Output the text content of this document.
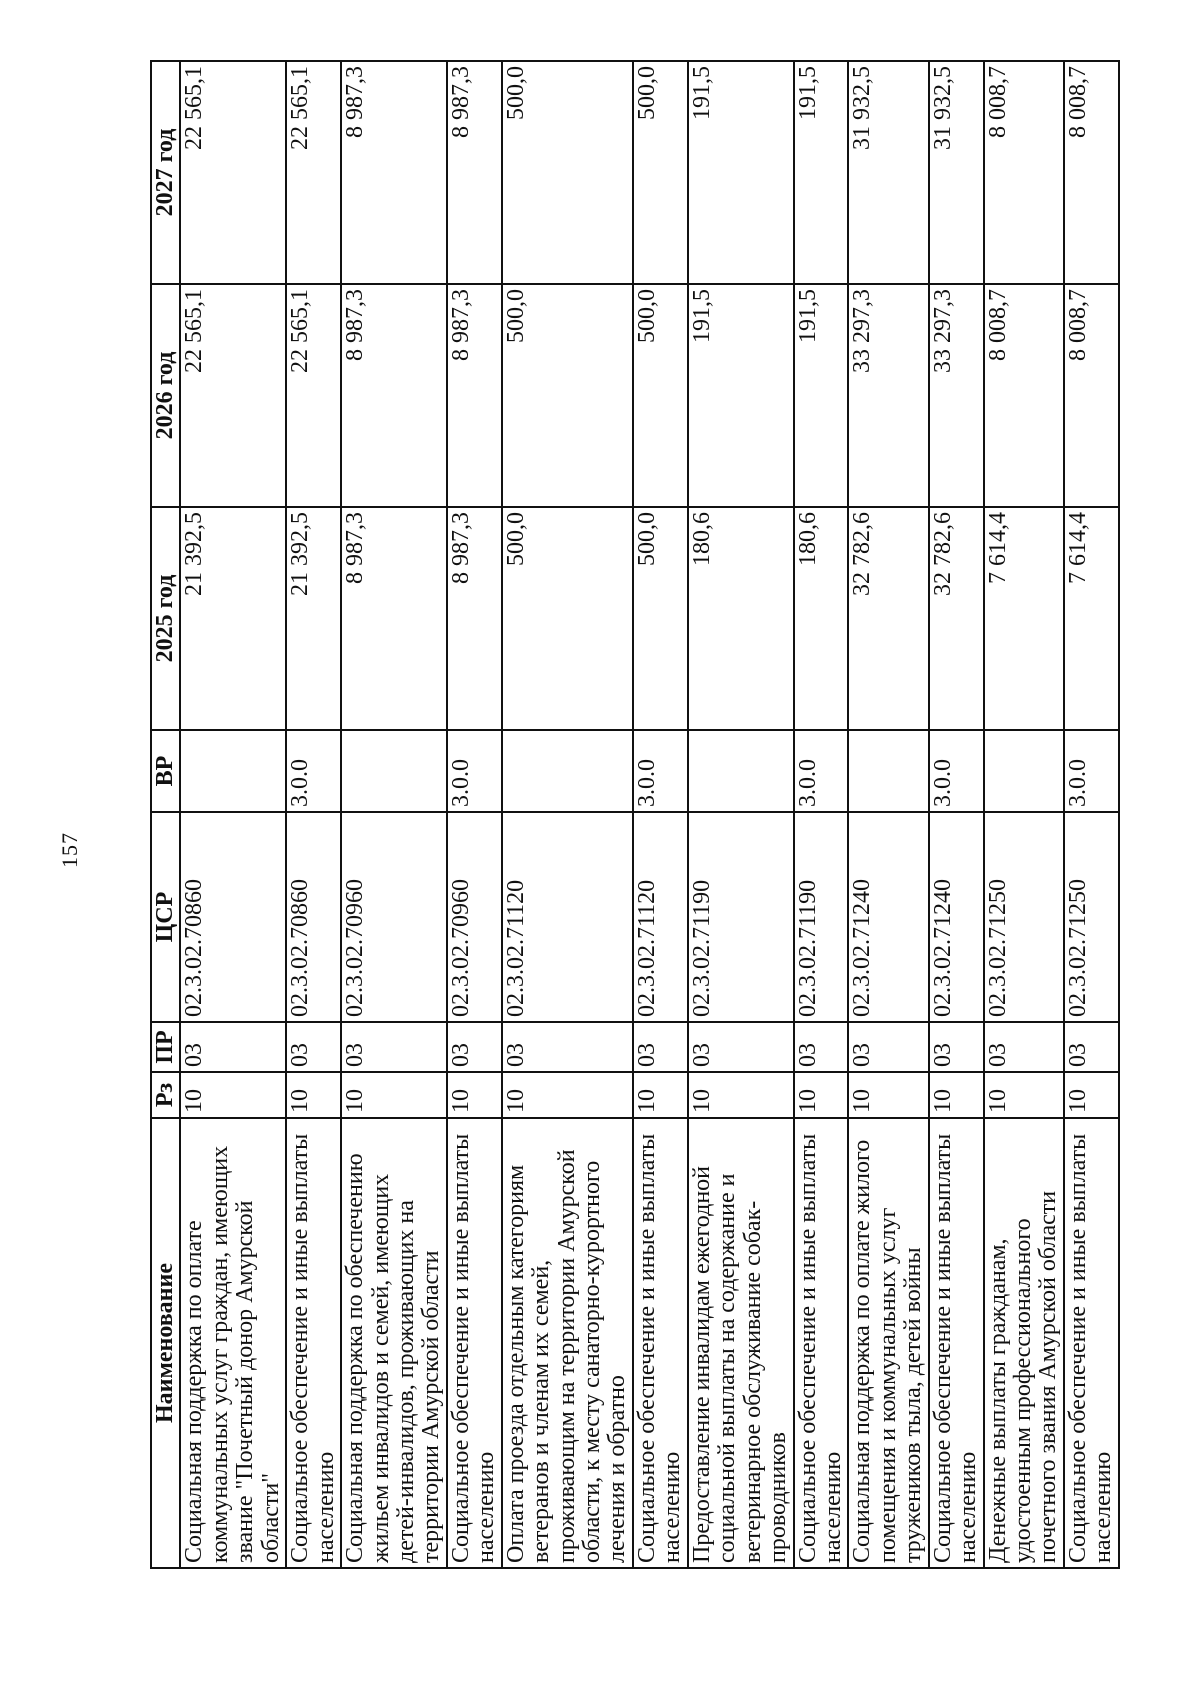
157
Наименование	Рз	ПР	ЦСР	ВР	2025 год	2026 год	2027 год
Социальная поддержка по оплате коммунальных услуг граждан, имеющих звание "Почетный донор Амурской области"	10	03	02.3.02.70860		21 392,5	22 565,1	22 565,1
Социальное обеспечение и иные выплаты населению	10	03	02.3.02.70860	3.0.0	21 392,5	22 565,1	22 565,1
Социальная поддержка по обеспечению жильем инвалидов и семей, имеющих детей-инвалидов, проживающих на территории Амурской области	10	03	02.3.02.70960		8 987,3	8 987,3	8 987,3
Социальное обеспечение и иные выплаты населению	10	03	02.3.02.70960	3.0.0	8 987,3	8 987,3	8 987,3
Оплата проезда отдельным категориям ветеранов и членам их семей, проживающим на территории Амурской области, к месту санаторно-курортного лечения и обратно	10	03	02.3.02.71120		500,0	500,0	500,0
Социальное обеспечение и иные выплаты населению	10	03	02.3.02.71120	3.0.0	500,0	500,0	500,0
Предоставление инвалидам ежегодной социальной выплаты на содержание и ветеринарное обслуживание собак-проводников	10	03	02.3.02.71190		180,6	191,5	191,5
Социальное обеспечение и иные выплаты населению	10	03	02.3.02.71190	3.0.0	180,6	191,5	191,5
Социальная поддержка по оплате жилого помещения и коммунальных услуг тружеников тыла, детей войны	10	03	02.3.02.71240		32 782,6	33 297,3	31 932,5
Социальное обеспечение и иные выплаты населению	10	03	02.3.02.71240	3.0.0	32 782,6	33 297,3	31 932,5
Денежные выплаты гражданам, удостоенным профессионального почетного звания Амурской области	10	03	02.3.02.71250		7 614,4	8 008,7	8 008,7
Социальное обеспечение и иные выплаты населению	10	03	02.3.02.71250	3.0.0	7 614,4	8 008,7	8 008,7
